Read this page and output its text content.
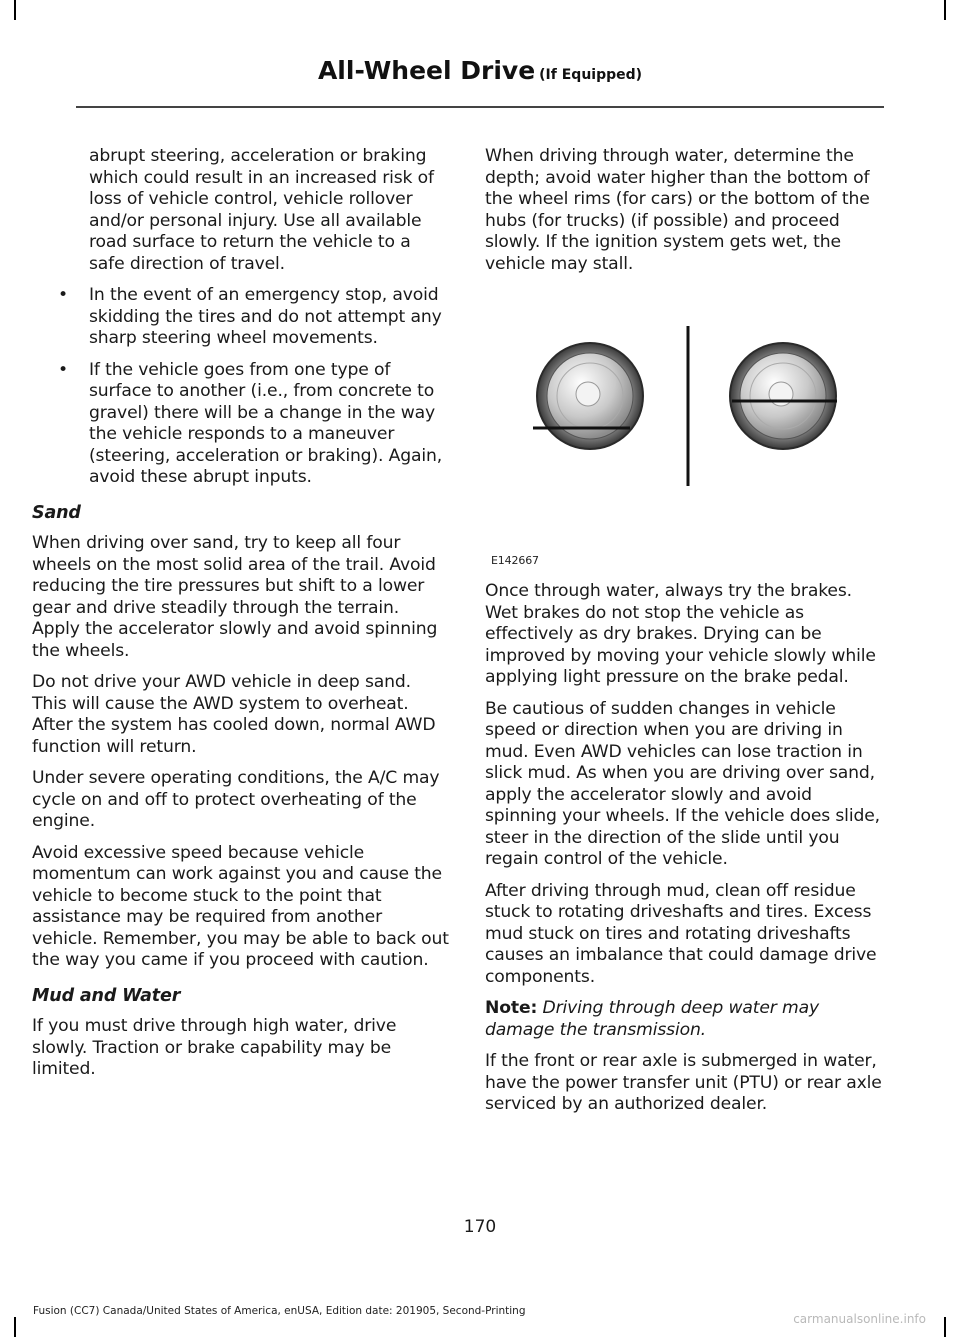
All-Wheel Drive (If Equipped)

abrupt steering, acceleration or braking which could result in an increased risk of loss of vehicle control, vehicle rollover and/or personal injury. Use all available road surface to return the vehicle to a safe direction of travel.

• In the event of an emergency stop, avoid skidding the tires and do not attempt any sharp steering wheel movements.
• If the vehicle goes from one type of surface to another (i.e., from concrete to gravel) there will be a change in the way the vehicle responds to a maneuver (steering, acceleration or braking). Again, avoid these abrupt inputs.
Sand

When driving over sand, try to keep all four wheels on the most solid area of the trail. Avoid reducing the tire pressures but shift to a lower gear and drive steadily through the terrain. Apply the accelerator slowly and avoid spinning the wheels.

Do not drive your AWD vehicle in deep sand. This will cause the AWD system to overheat. After the system has cooled down, normal AWD function will return.

Under severe operating conditions, the A/C may cycle on and off to protect overheating of the engine.

Avoid excessive speed because vehicle momentum can work against you and cause the vehicle to become stuck to the point that assistance may be required from another vehicle. Remember, you may be able to back out the way you came if you proceed with caution.

Mud and Water

If you must drive through high water, drive slowly. Traction or brake capability may be limited.

When driving through water, determine the depth; avoid water higher than the bottom of the wheel rims (for cars) or the bottom of the hubs (for trucks) (if possible) and proceed slowly. If the ignition system gets wet, the vehicle may stall.

E142667

Once through water, always try the brakes. Wet brakes do not stop the vehicle as effectively as dry brakes. Drying can be improved by moving your vehicle slowly while applying light pressure on the brake pedal.

Be cautious of sudden changes in vehicle speed or direction when you are driving in mud. Even AWD vehicles can lose traction in slick mud. As when you are driving over sand, apply the accelerator slowly and avoid spinning your wheels. If the vehicle does slide, steer in the direction of the slide until you regain control of the vehicle.

After driving through mud, clean off residue stuck to rotating driveshafts and tires. Excess mud stuck on tires and rotating driveshafts causes an imbalance that could damage drive components.

Note: Driving through deep water may damage the transmission.

If the front or rear axle is submerged in water, have the power transfer unit (PTU) or rear axle serviced by an authorized dealer.

170
Fusion (CC7) Canada/United States of America, enUSA, Edition date: 201905, Second-Printing
carmanualsonline.info
